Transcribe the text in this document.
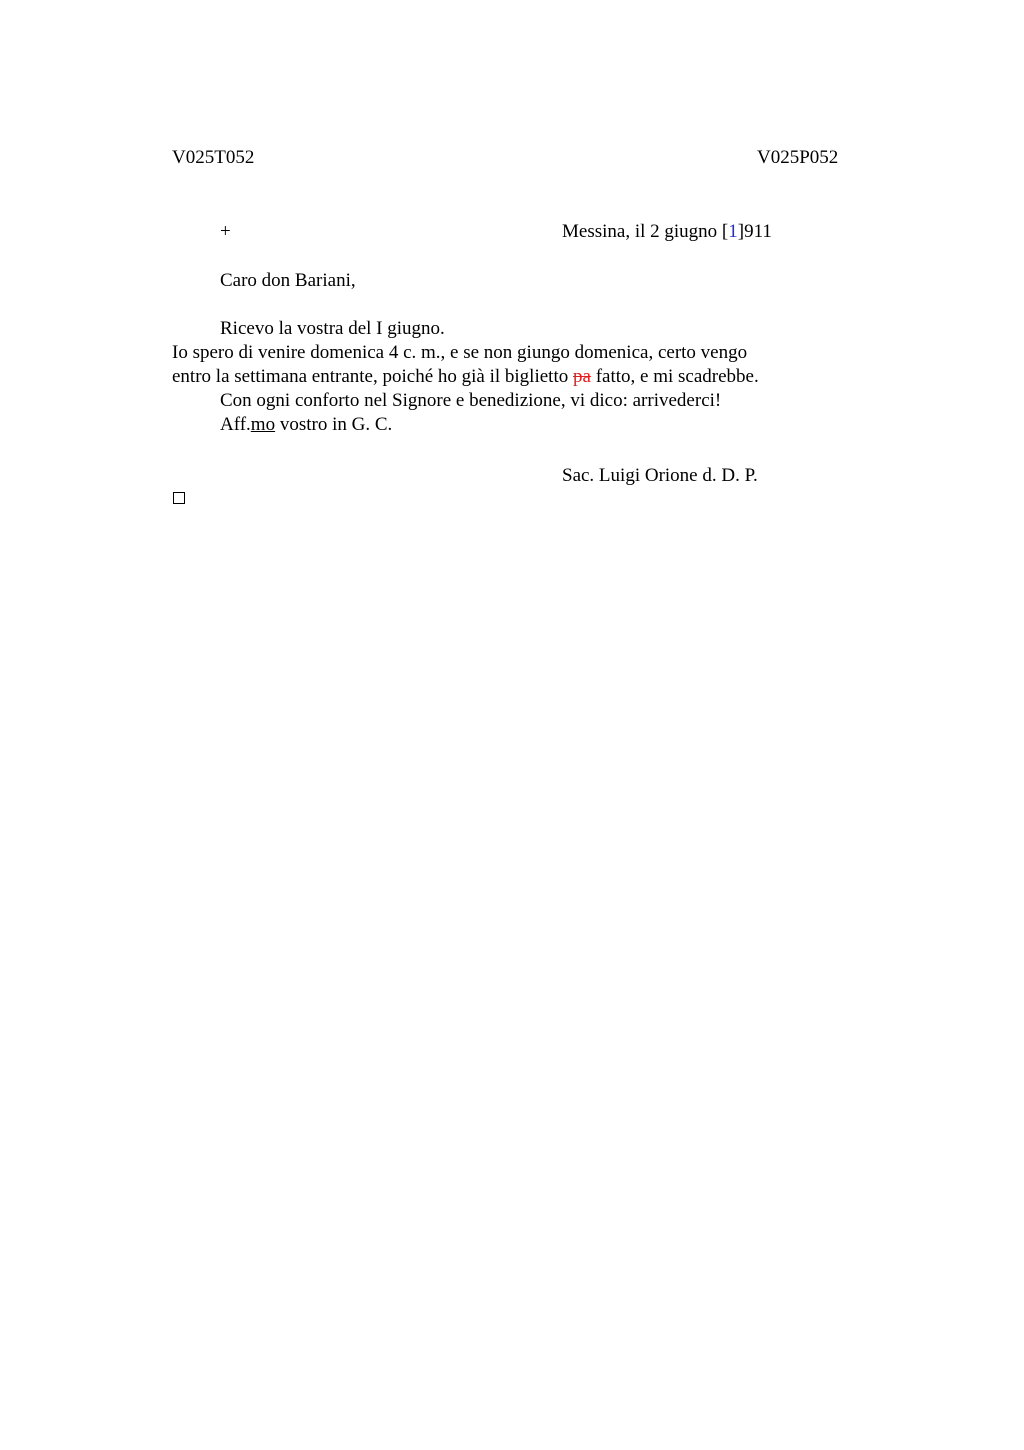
V025T052	V025P052
+	Messina, il 2 giugno [1]911
Caro don Bariani,
Ricevo la vostra del I giugno.
Io spero di venire domenica 4 c. m., e se non giungo domenica, certo vengo
entro la settimana entrante, poiché ho già il biglietto pa fatto, e mi scadrebbe.
Con ogni conforto nel Signore e benedizione, vi dico: arrivederci!
Aff.mo vostro in G. C.
Sac. Luigi Orione d. D. P.
